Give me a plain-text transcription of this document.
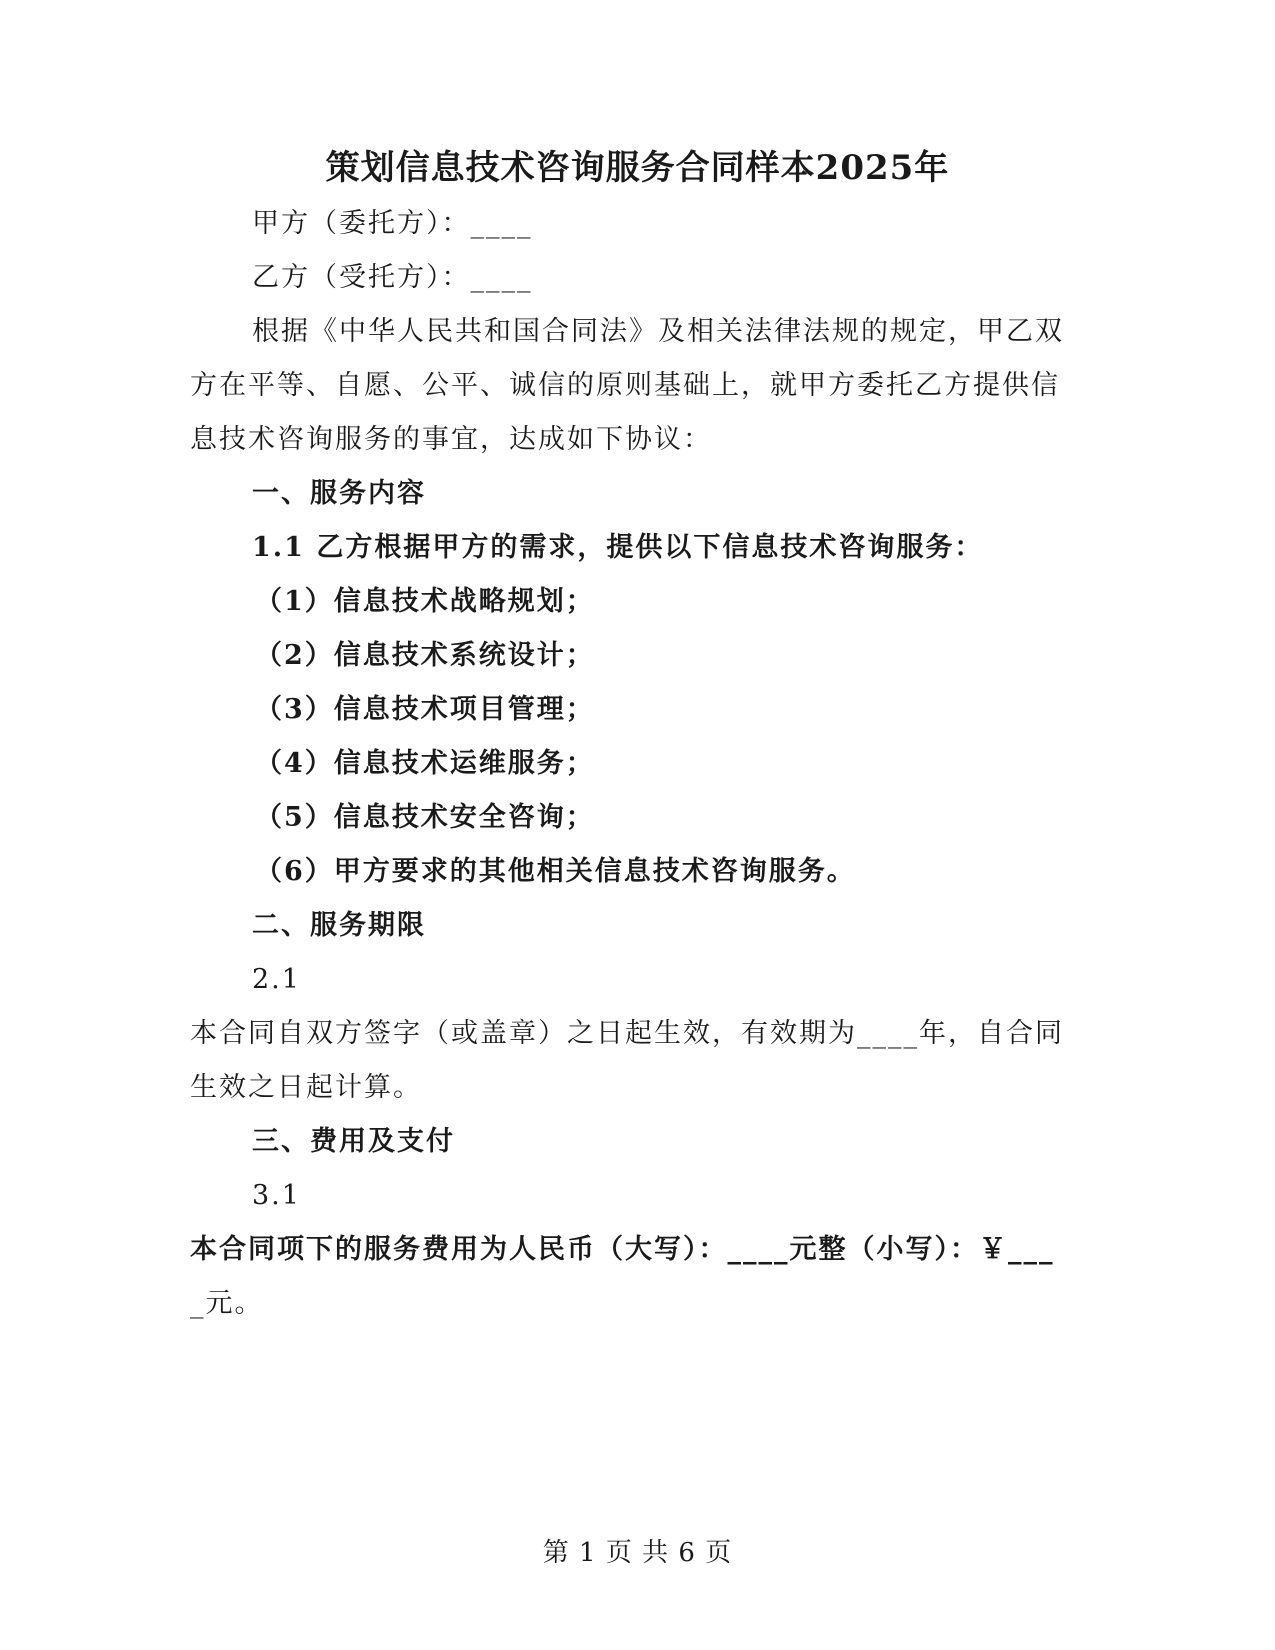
策划信息技术咨询服务合同样本2025年
甲方（委托方）：____
乙方（受托方）：____
根据《中华人民共和国合同法》及相关法律法规的规定，甲乙双
方在平等、自愿、公平、诚信的原则基础上，就甲方委托乙方提供信
息技术咨询服务的事宜，达成如下协议：
一、服务内容
1.1 乙方根据甲方的需求，提供以下信息技术咨询服务：
（1）信息技术战略规划；
（2）信息技术系统设计；
（3）信息技术项目管理；
（4）信息技术运维服务；
（5）信息技术安全咨询；
（6）甲方要求的其他相关信息技术咨询服务。
二、服务期限
2.1
本合同自双方签字（或盖章）之日起生效，有效期为____年，自合同
生效之日起计算。
三、费用及支付
3.1
本合同项下的服务费用为人民币（大写）：____元整（小写）：￥___
_元。
第 1 页 共 6 页
